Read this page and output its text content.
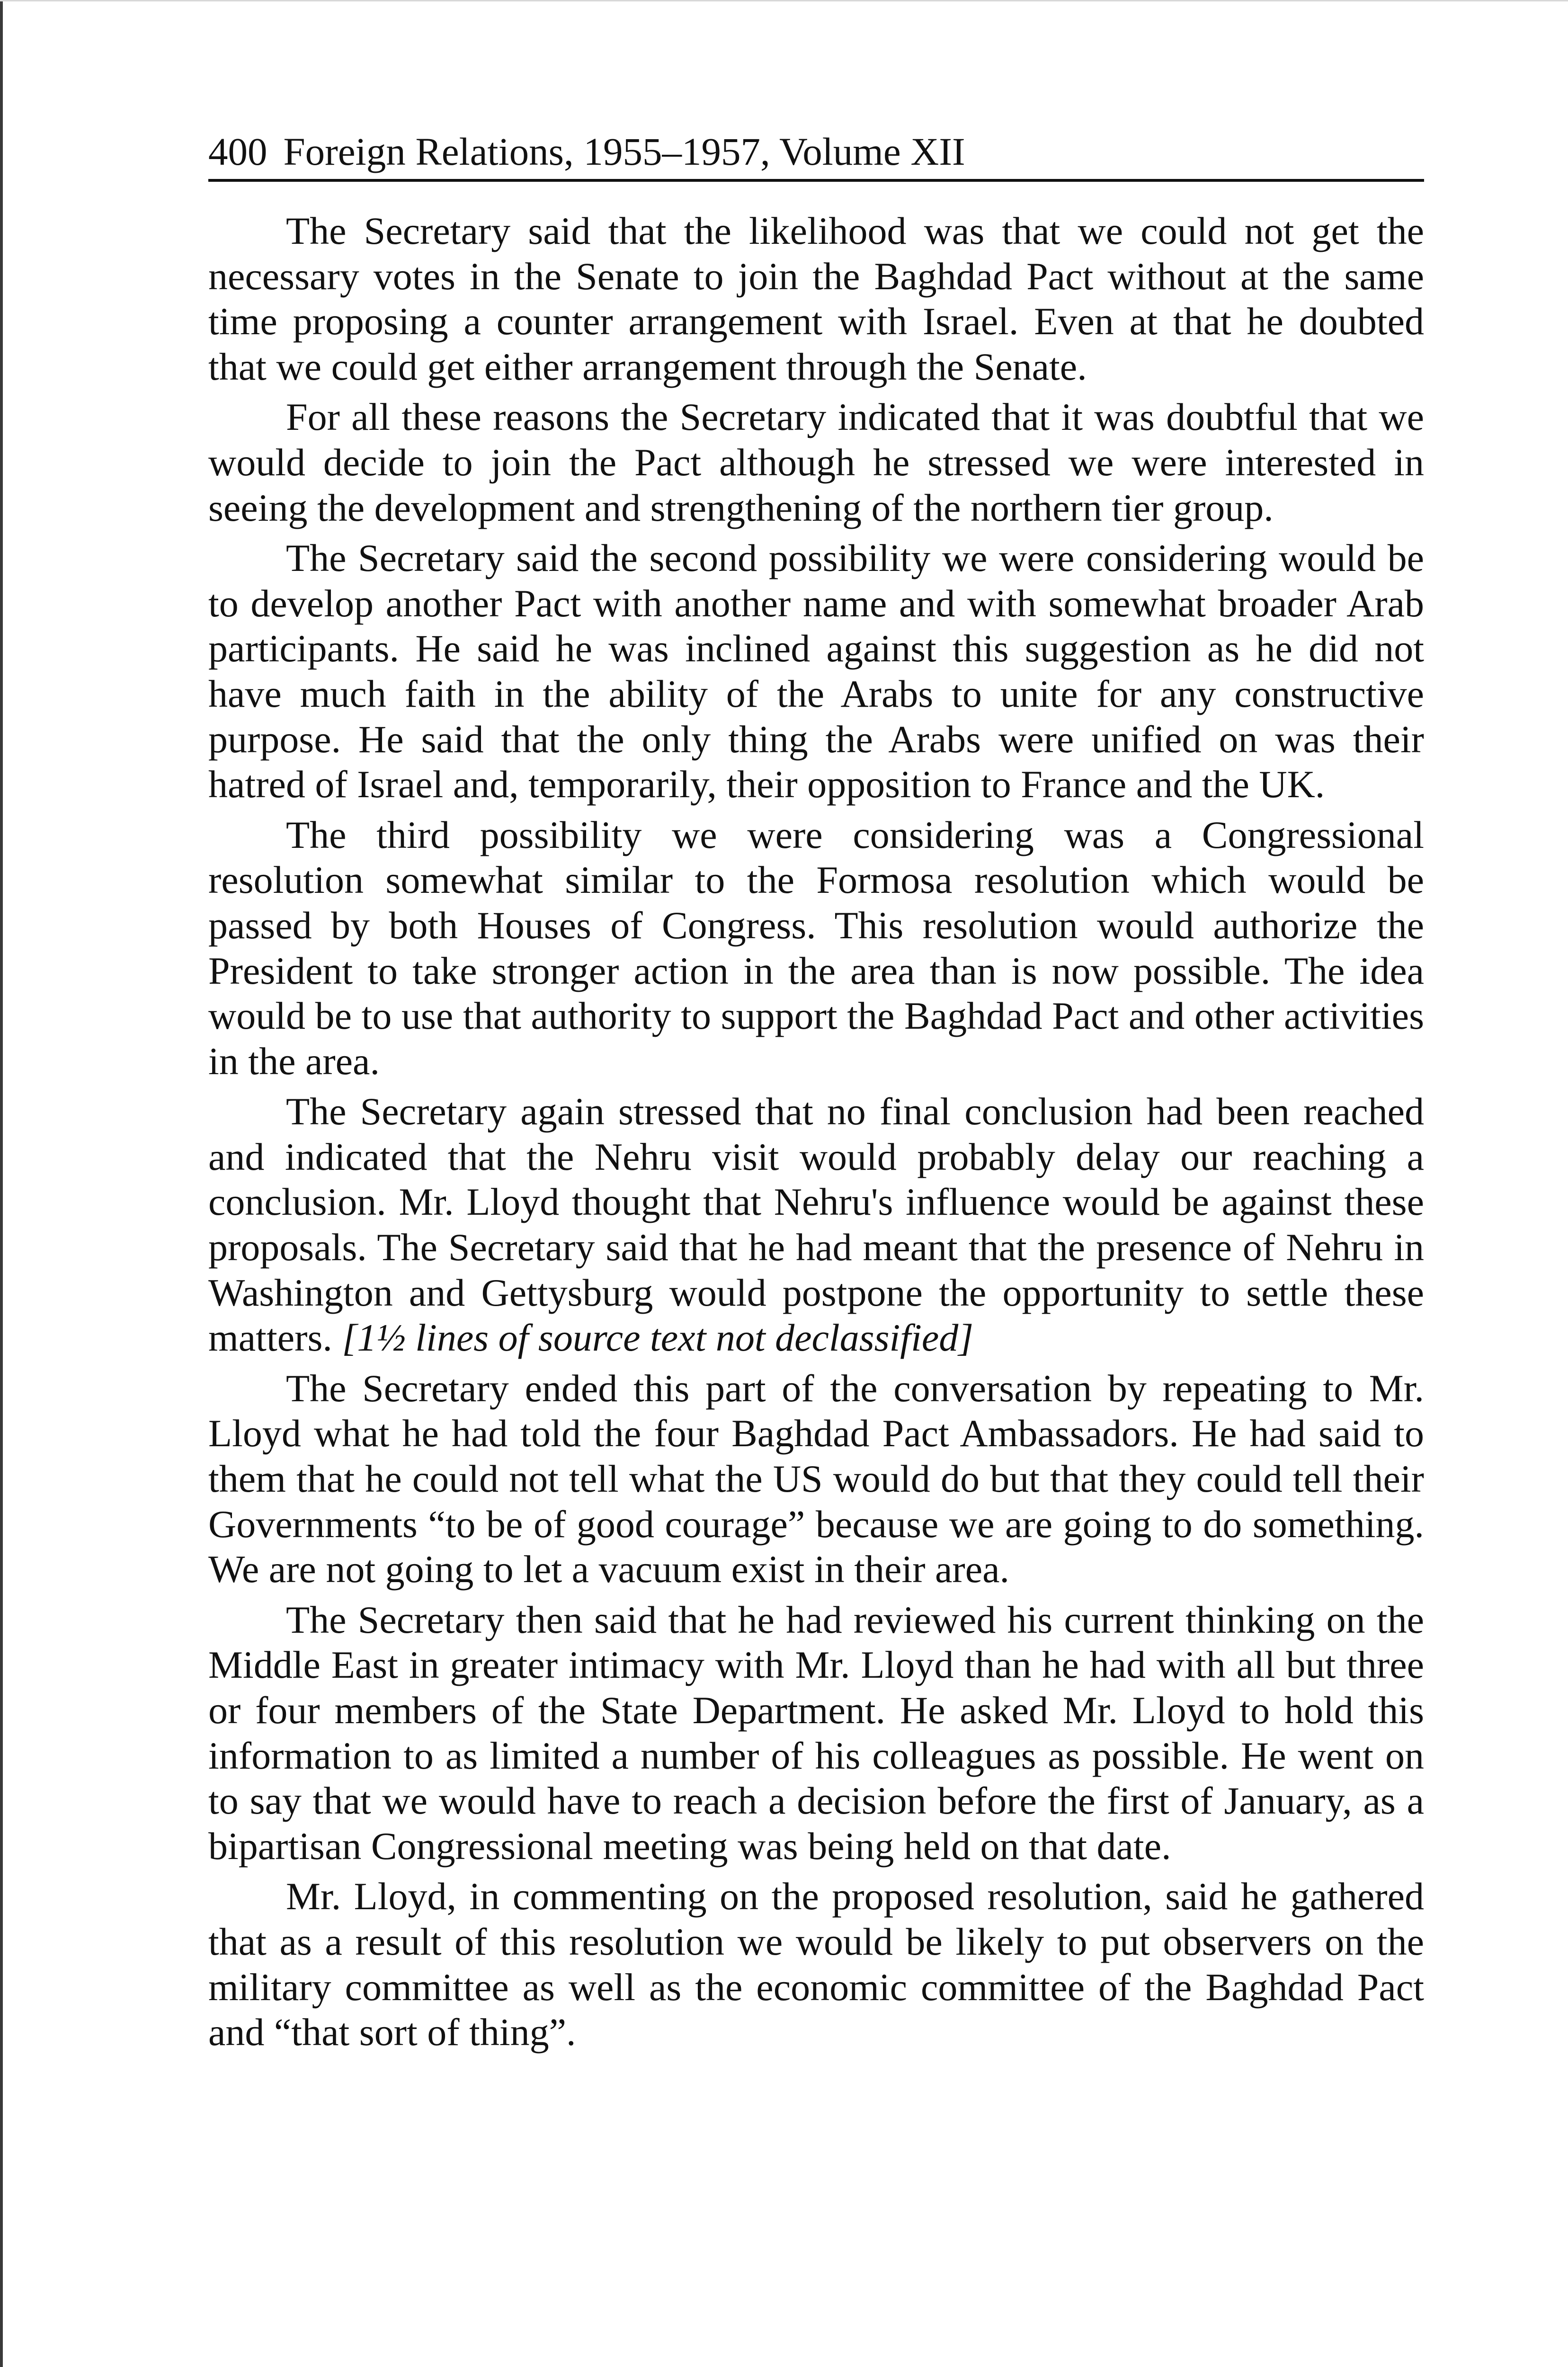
400 Foreign Relations, 1955–1957, Volume XII

The Secretary said that the likelihood was that we could not get the necessary votes in the Senate to join the Baghdad Pact without at the same time proposing a counter arrangement with Israel. Even at that he doubted that we could get either arrangement through the Senate.

For all these reasons the Secretary indicated that it was doubtful that we would decide to join the Pact although he stressed we were interested in seeing the development and strengthening of the northern tier group.

The Secretary said the second possibility we were considering would be to develop another Pact with another name and with somewhat broader Arab participants. He said he was inclined against this suggestion as he did not have much faith in the ability of the Arabs to unite for any constructive purpose. He said that the only thing the Arabs were unified on was their hatred of Israel and, temporarily, their opposition to France and the UK.

The third possibility we were considering was a Congressional resolution somewhat similar to the Formosa resolution which would be passed by both Houses of Congress. This resolution would authorize the President to take stronger action in the area than is now possible. The idea would be to use that authority to support the Baghdad Pact and other activities in the area.

The Secretary again stressed that no final conclusion had been reached and indicated that the Nehru visit would probably delay our reaching a conclusion. Mr. Lloyd thought that Nehru's influence would be against these proposals. The Secretary said that he had meant that the presence of Nehru in Washington and Gettysburg would postpone the opportunity to settle these matters. [1½ lines of source text not declassified]

The Secretary ended this part of the conversation by repeating to Mr. Lloyd what he had told the four Baghdad Pact Ambassadors. He had said to them that he could not tell what the US would do but that they could tell their Governments “to be of good courage” because we are going to do something. We are not going to let a vacuum exist in their area.

The Secretary then said that he had reviewed his current thinking on the Middle East in greater intimacy with Mr. Lloyd than he had with all but three or four members of the State Department. He asked Mr. Lloyd to hold this information to as limited a number of his colleagues as possible. He went on to say that we would have to reach a decision before the first of January, as a bipartisan Congressional meeting was being held on that date.

Mr. Lloyd, in commenting on the proposed resolution, said he gathered that as a result of this resolution we would be likely to put observers on the military committee as well as the economic committee of the Baghdad Pact and “that sort of thing”.
